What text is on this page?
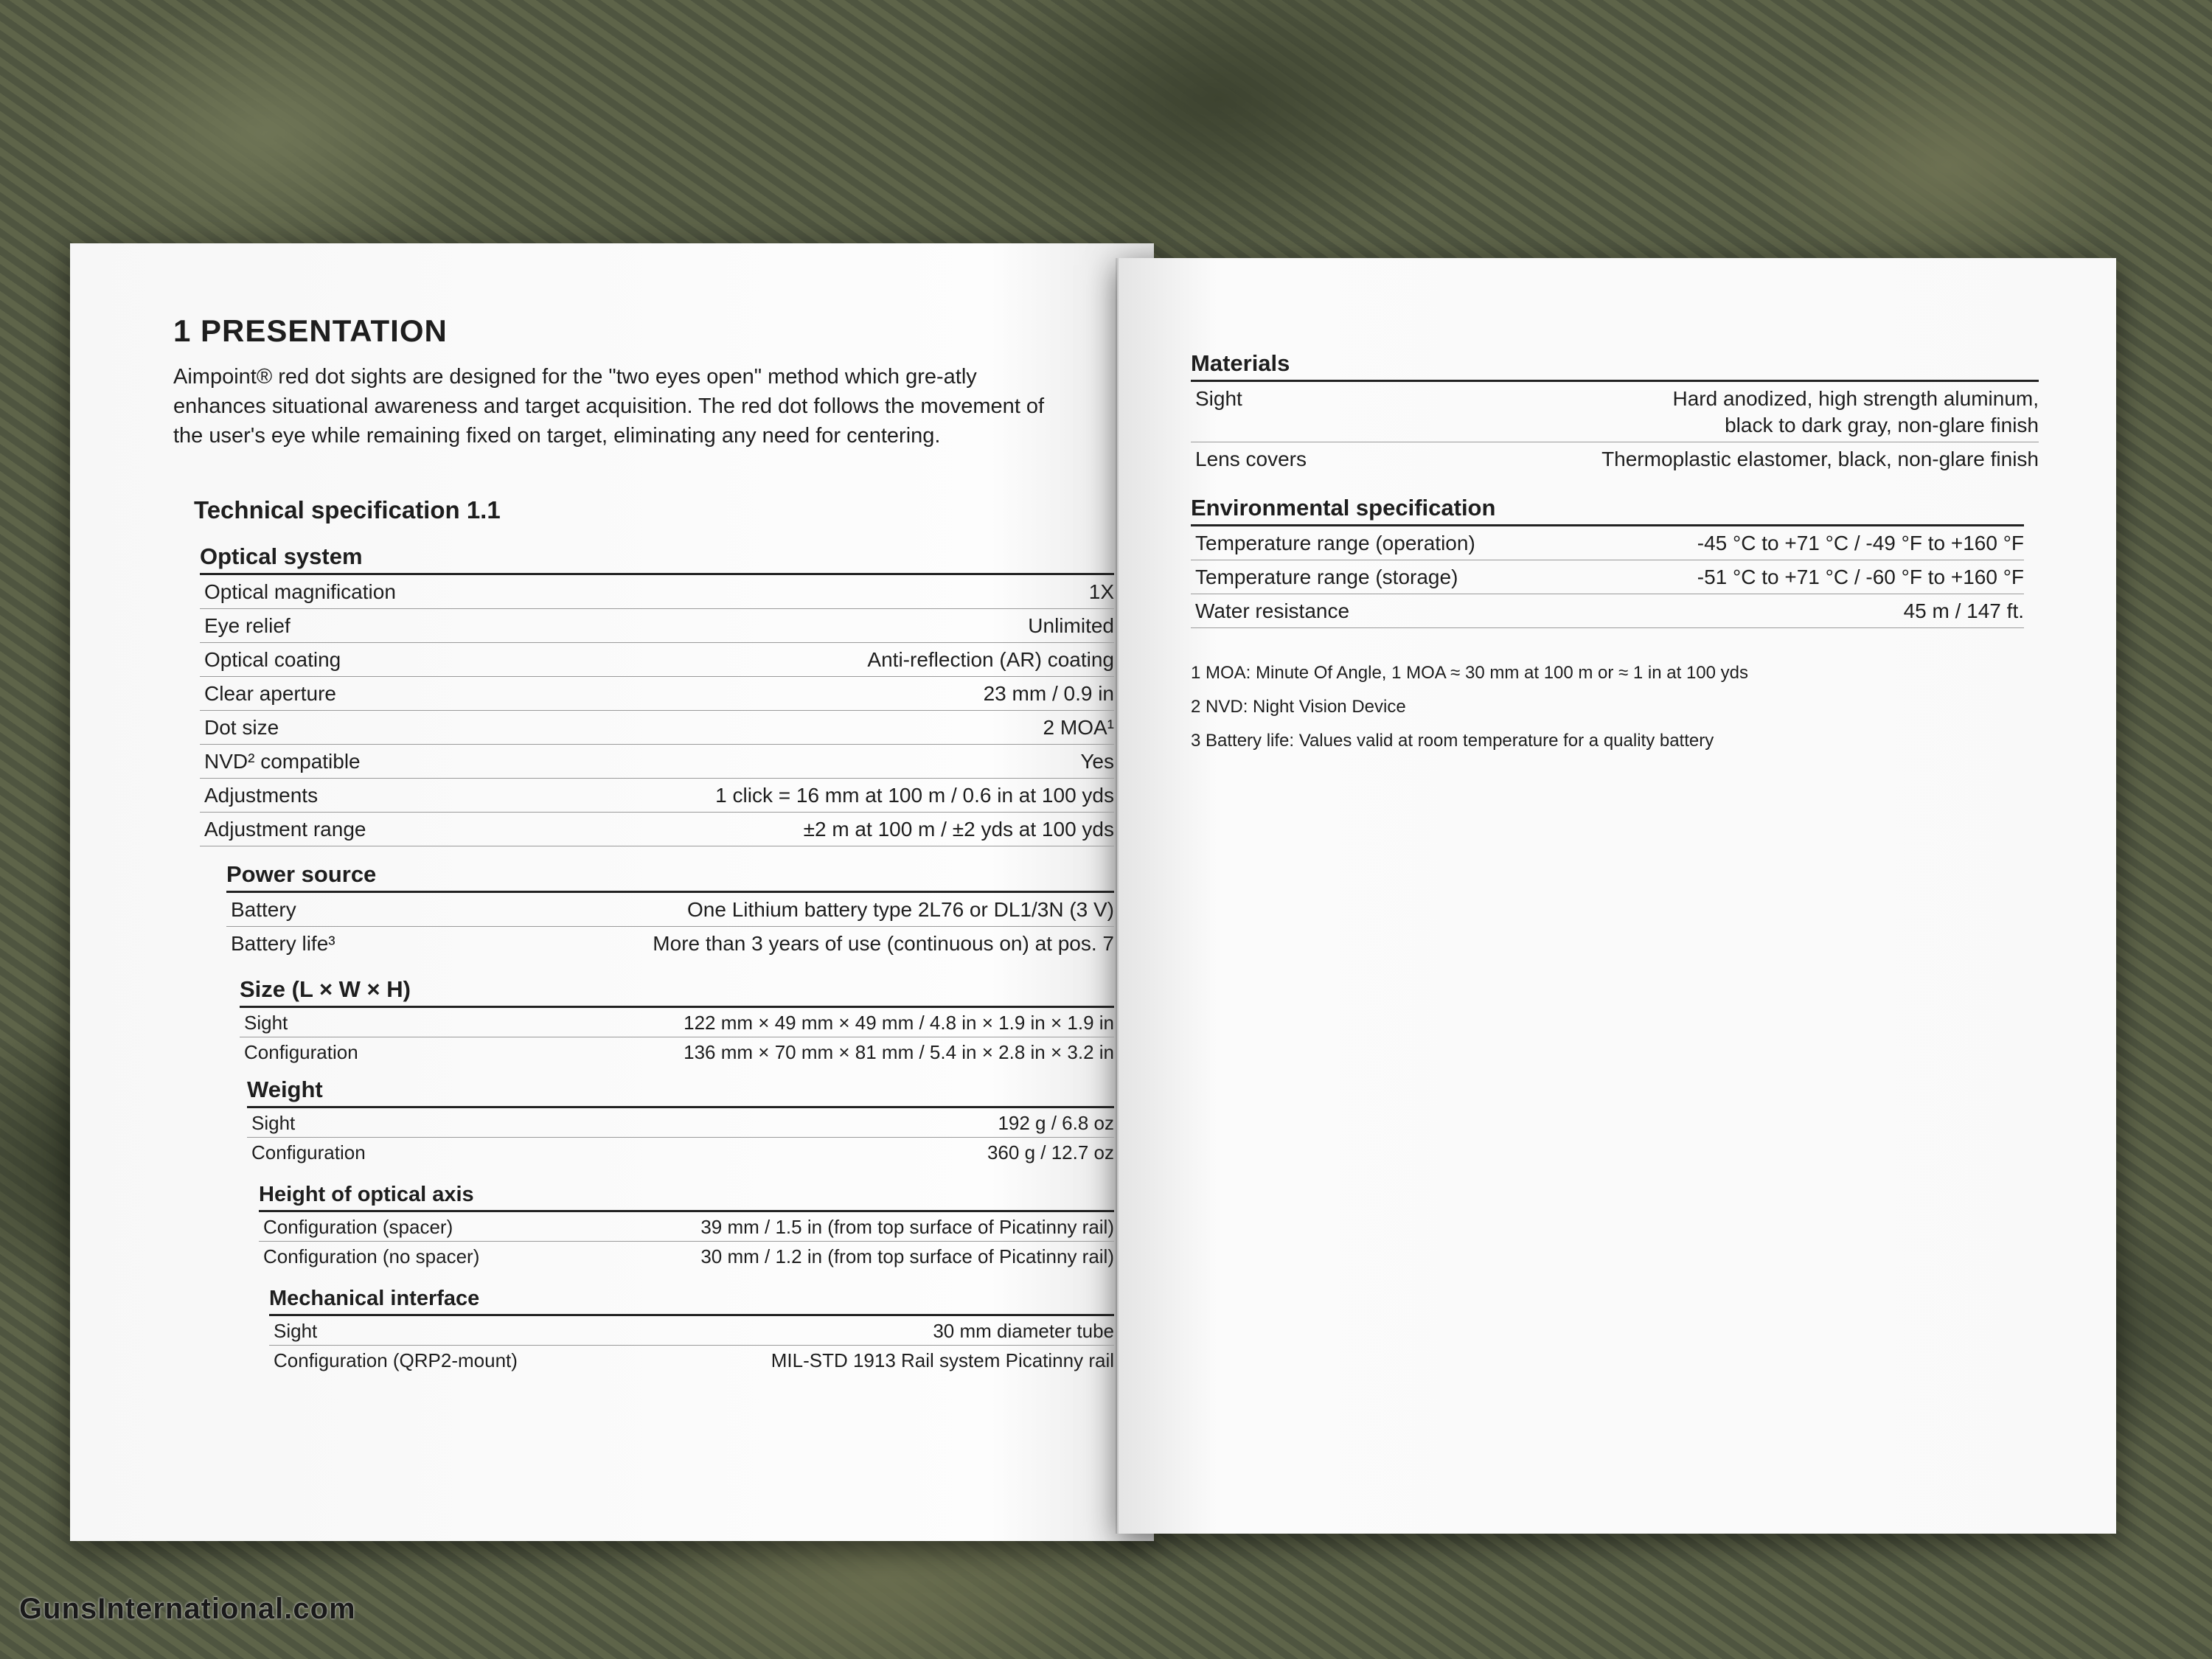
1 PRESENTATION

Aimpoint® red dot sights are designed for the "two eyes open" method which gre-atly enhances situational awareness and target acquisition. The red dot follows the movement of the user's eye while remaining fixed on target, eliminating any need for centering.

Technical specification 1.1
Optical system
Optical magnification	1X
Eye relief	Unlimited
Optical coating	Anti-reflection (AR) coating
Clear aperture	23 mm / 0.9 in
Dot size	2 MOA¹
NVD² compatible	Yes
Adjustments	1 click = 16 mm at 100 m / 0.6 in at 100 yds
Adjustment range	±2 m at 100 m / ±2 yds at 100 yds
Power source
Battery	One Lithium battery type 2L76 or DL1/3N (3 V)
Battery life³	More than 3 years of use (continuous on) at pos. 7
Size (L × W × H)
Sight	122 mm × 49 mm × 49 mm / 4.8 in × 1.9 in × 1.9 in
Configuration	136 mm × 70 mm × 81 mm / 5.4 in × 2.8 in × 3.2 in
Weight
Sight	192 g / 6.8 oz
Configuration	360 g / 12.7 oz
Height of optical axis
Configuration (spacer)	39 mm / 1.5 in (from top surface of Picatinny rail)
Configuration (no spacer)	30 mm / 1.2 in (from top surface of Picatinny rail)
Mechanical interface
Sight	30 mm diameter tube
Configuration (QRP2-mount)	MIL-STD 1913 Rail system Picatinny rail
Materials
Sight	Hard anodized, high strength aluminum,
black to dark gray, non-glare finish
Lens covers	Thermoplastic elastomer, black, non-glare finish
Environmental specification
Temperature range (operation)	-45 °C to +71 °C / -49 °F to +160 °F
Temperature range (storage)	-51 °C to +71 °C / -60 °F to +160 °F
Water resistance	45 m / 147 ft.
1 MOA: Minute Of Angle, 1 MOA ≈ 30 mm at 100 m or ≈ 1 in at 100 yds
2 NVD: Night Vision Device
3 Battery life: Values valid at room temperature for a quality battery
GunsInternational.com
